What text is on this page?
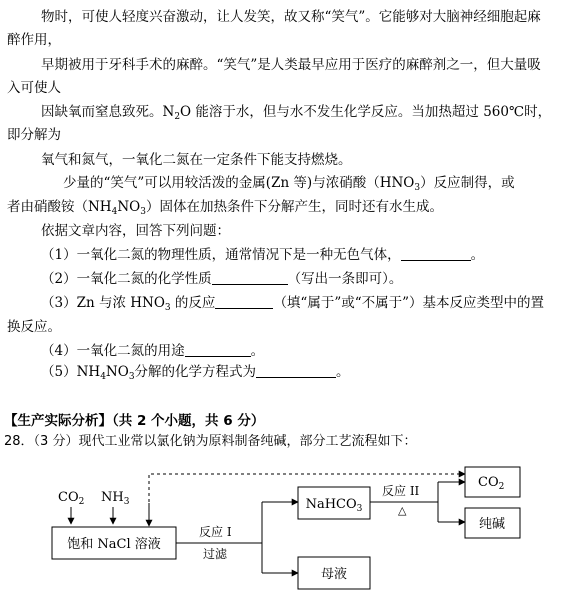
物时，可使人轻度兴奋激动，让人发笑，故又称“笑气”。它能够对大脑神经细胞起麻
醉作用，
早期被用于牙科手术的麻醉。“笑气”是人类最早应用于医疗的麻醉剂之一，但大量吸
入可使人
因缺氧而窒息致死。$N_2O$ 能溶于水，但与水不发生化学反应。当加热超过 560℃时，
即分解为
氧气和氮气，一氧化二氮在一定条件下能支持燃烧。
少量的“笑气”可以用较活泼的金属(Zn 等)与浓硝酸$(HNO_3)$反应制得，或
者由硝酸铵$(NH_4NO_3)$固体在加热条件下分解产生，同时还有水生成。
依据文章内容，回答下列问题：
（1）一氧化二氮的物理性质，通常情况下是一种无色气体，	。
（2）一氧化二氮的化学性质	（写出一条即可）。
（3）Zn 与浓 $HNO_3$ 的反应	（填“属于”或“不属于”）基本反应类型中的置
换反应。
（4）一氧化二氮的用途	。
$(5)NH_4NO_3$分解的化学方程式为	。
【生产实际分析】（共 2 个小题，共 6 分）
28．（3 分）现代工业常以氯化钠为原料制备纯碱，部分工艺流程如下：
$CO_2$ $NH_3$
饱和 NaCl 溶液
反应 I
过滤
NaHCO$_3$
反应 II
△
$CO_2$
纯碱
母液
